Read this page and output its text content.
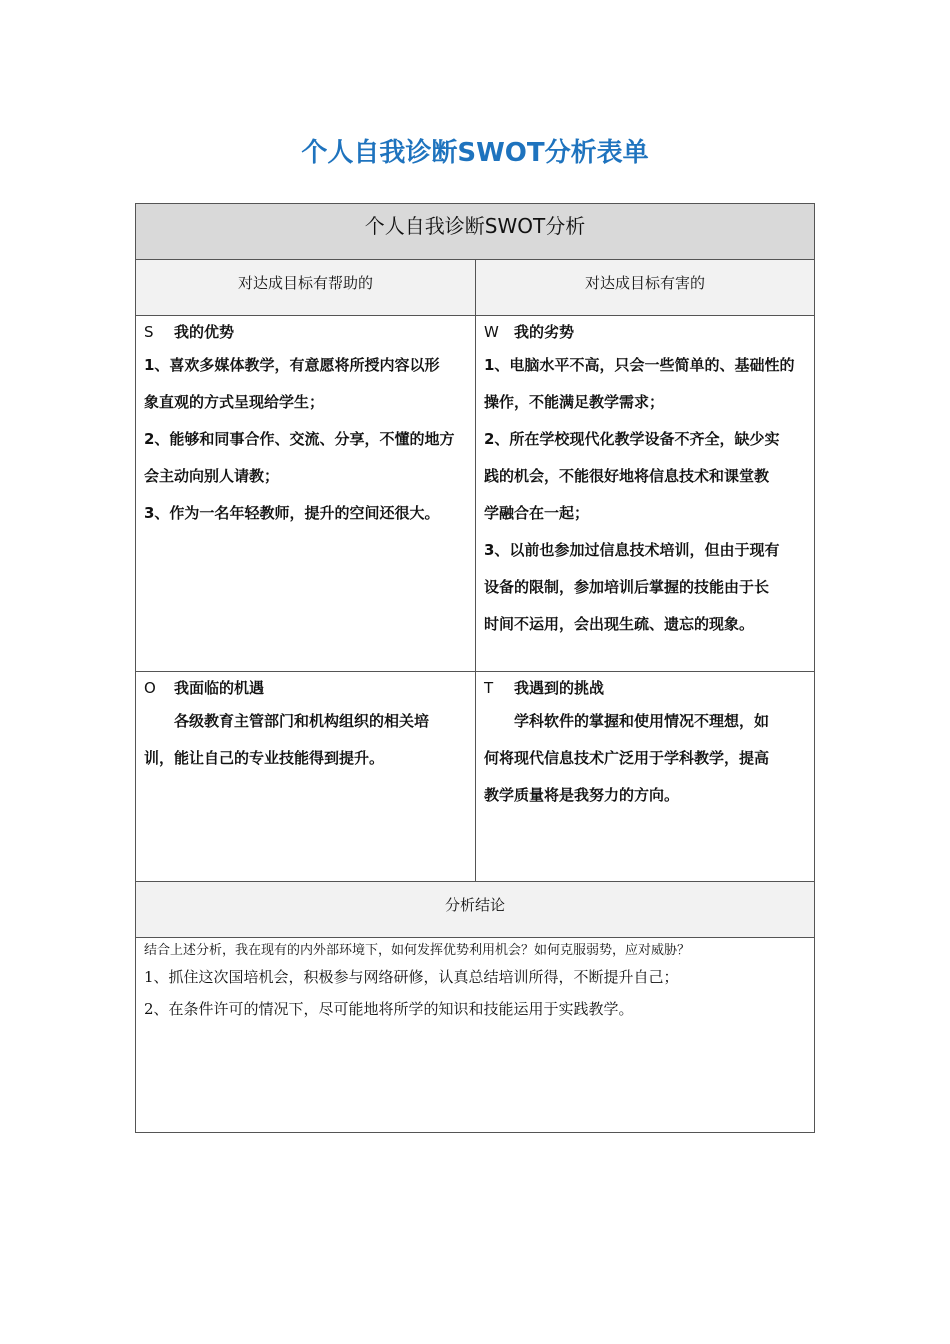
个人自我诊断SWOT分析表单
个人自我诊断SWOT分析
对达成目标有帮助的	对达成目标有害的
S 我的优势
1、喜欢多媒体教学，有意愿将所授内容以形
象直观的方式呈现给学生；
2、能够和同事合作、交流、分享，不懂的地方
会主动向别人请教；
3、作为一名年轻教师，提升的空间还很大。
W 我的劣势
1、电脑水平不高，只会一些简单的、基础性的
操作，不能满足教学需求；
2、所在学校现代化教学设备不齐全，缺少实
践的机会，不能很好地将信息技术和课堂教
学融合在一起；
3、以前也参加过信息技术培训，但由于现有
设备的限制，参加培训后掌握的技能由于长
时间不运用，会出现生疏、遗忘的现象。
O 我面临的机遇
各级教育主管部门和机构组织的相关培
训，能让自己的专业技能得到提升。
T 我遇到的挑战
学科软件的掌握和使用情况不理想，如
何将现代信息技术广泛用于学科教学，提高
教学质量将是我努力的方向。
分析结论
结合上述分析，我在现有的内外部环境下，如何发挥优势利用机会？如何克服弱势，应对威胁？
1、抓住这次国培机会，积极参与网络研修，认真总结培训所得，不断提升自己；
2、在条件许可的情况下，尽可能地将所学的知识和技能运用于实践教学。
